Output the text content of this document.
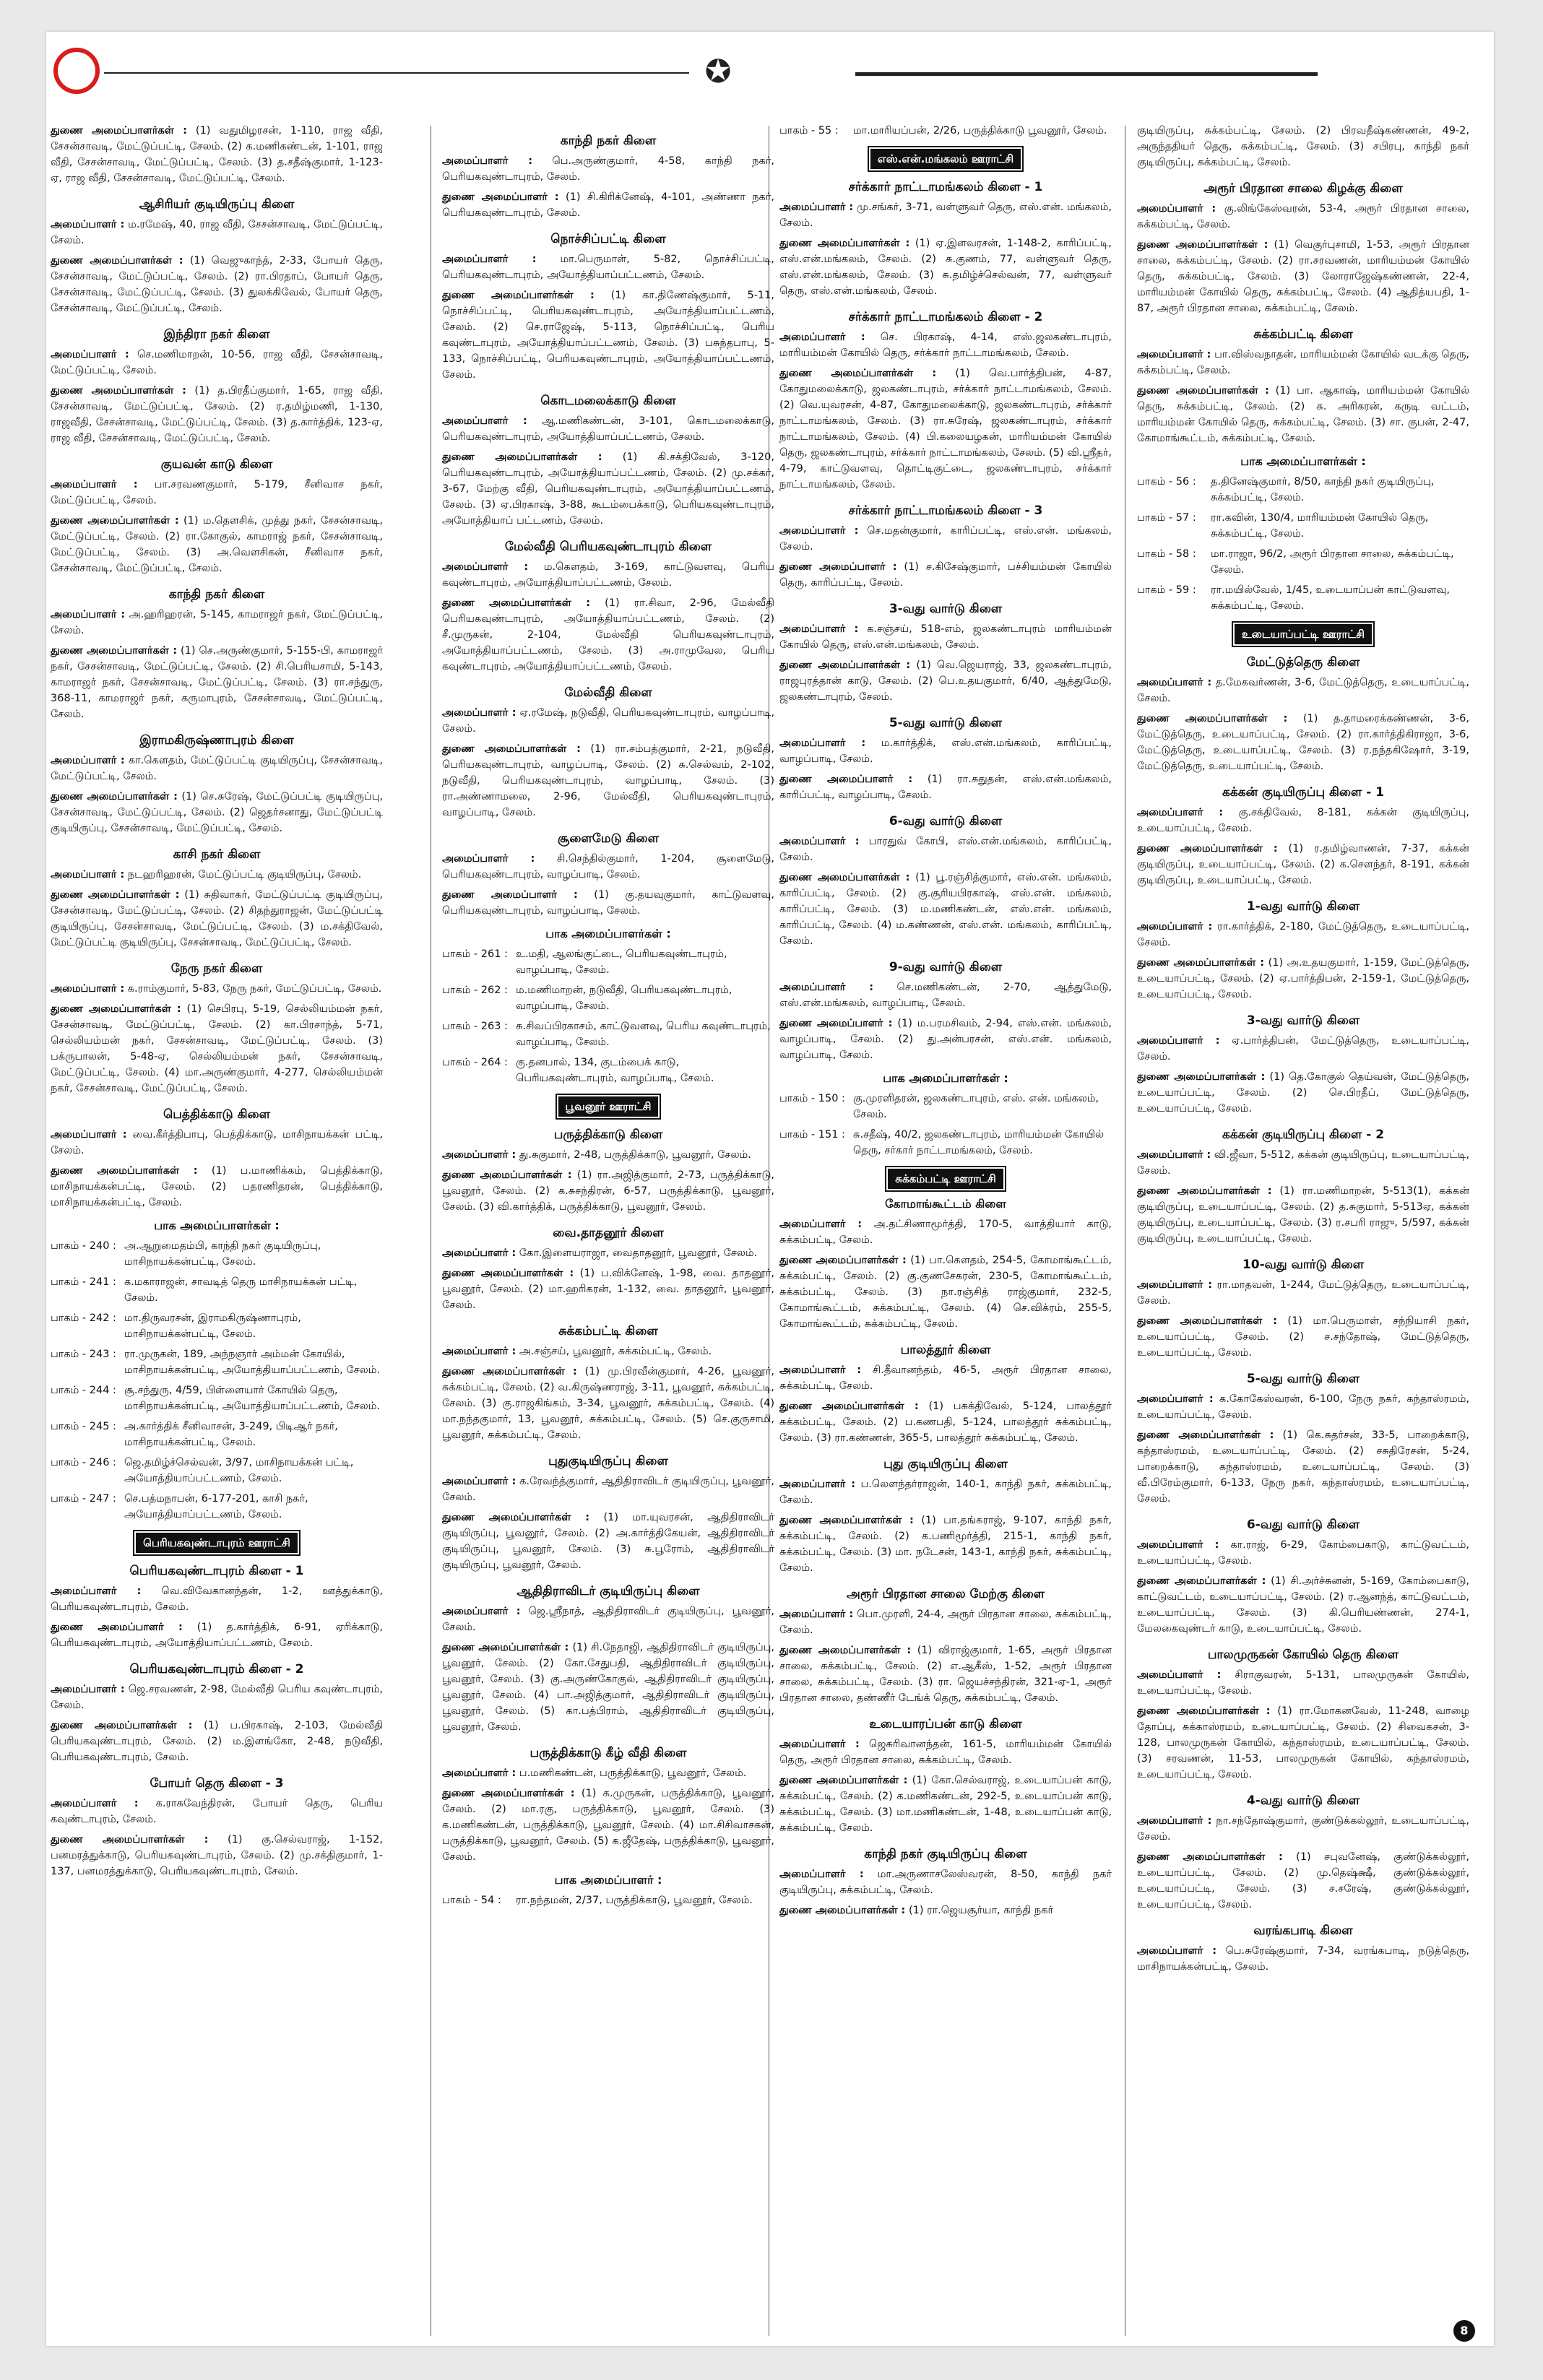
✪

துணை அமைப்பாளர்கள் : (1) வதுமிழரசன், 1-110, ராஜ வீதி, சேசன்சாவடி, மேட்டுப்பட்டி, சேலம். (2) க.மணிகண்டன், 1-101, ராஜ வீதி, சேசன்சாவடி, மேட்டுப்பட்டி, சேலம். (3) த.சதீஷ்குமார், 1-123-ஏ, ராஜ வீதி, சேசன்சாவடி, மேட்டுப்பட்டி, சேலம்.

ஆசிரியர் குடியிருப்பு கிளை

அமைப்பாளர் : ம.ரமேஷ், 40, ராஜ வீதி, சேசன்சாவடி, மேட்டுப்பட்டி, சேலம்.

துணை அமைப்பாளர்கள் : (1) வெஜுகாந்த், 2-33, போயர் தெரு, சேசன்சாவடி, மேட்டுப்பட்டி, சேலம். (2) ரா.பிரதாப், போயர் தெரு, சேசன்சாவடி, மேட்டுப்பட்டி, சேலம். (3) துலக்கிவேல், போயர் தெரு, சேசன்சாவடி, மேட்டுப்பட்டி, சேலம்.

இந்திரா நகர் கிளை

அமைப்பாளர் : செ.மணிமாறன், 10-56, ராஜ வீதி, சேசன்சாவடி, மேட்டுப்பட்டி, சேலம்.

துணை அமைப்பாளர்கள் : (1) த.பிரதீப்குமார், 1-65, ராஜ வீதி, சேசன்சாவடி, மேட்டுப்பட்டி, சேலம். (2) ர.தமிழ்மணி, 1-130, ராஜவீதி, சேசன்சாவடி, மேட்டுப்பட்டி, சேலம். (3) த.கார்த்திக், 123-ஏ, ராஜ வீதி, சேசன்சாவடி, மேட்டுப்பட்டி, சேலம்.

குயவன் காடு கிளை

அமைப்பாளர் : பா.சரவணகுமார், 5-179, சீனிவாச நகர், மேட்டுப்பட்டி, சேலம்.

துணை அமைப்பாளர்கள் : (1) ம.தெளசிக், முத்து நகர், சேசன்சாவடி, மேட்டுப்பட்டி, சேலம். (2) ரா.கோகுல், காமராஜ் நகர், சேசன்சாவடி, மேட்டுப்பட்டி, சேலம். (3) அ.வெளசிகன், சீனிவாச நகர், சேசன்சாவடி, மேட்டுப்பட்டி, சேலம்.

காந்தி நகர் கிளை

அமைப்பாளர் : அ.ஹரிஹரன், 5-145, காமராஜர் நகர், மேட்டுப்பட்டி, சேலம்.

துணை அமைப்பாளர்கள் : (1) செ.அருண்குமார், 5-155-பி, காமராஜர் நகர், சேசன்சாவடி, மேட்டுப்பட்டி, சேலம். (2) சி.பெரியசாமி, 5-143, காமராஜர் நகர், சேசன்சாவடி, மேட்டுப்பட்டி, சேலம். (3) ரா.சந்துரு, 368-11, காமராஜர் நகர், கருமாபுரம், சேசன்சாவடி, மேட்டுப்பட்டி, சேலம்.

இராமகிருஷ்ணாபுரம் கிளை

அமைப்பாளர் : கா.கௌதம், மேட்டுப்பட்டி குடியிருப்பு, சேசன்சாவடி, மேட்டுப்பட்டி, சேலம்.

துணை அமைப்பாளர்கள் : (1) செ.சுரேஷ், மேட்டுப்பட்டி குடியிருப்பு, சேசன்சாவடி, மேட்டுப்பட்டி, சேலம். (2) ஜெதர்சனாது, மேட்டுப்பட்டி குடியிருப்பு, சேசன்சாவடி, மேட்டுப்பட்டி, சேலம்.

காசி நகர் கிளை

அமைப்பாளர் : நடஹரிஹரன், மேட்டுப்பட்டி குடியிருப்பு, சேலம்.

துணை அமைப்பாளர்கள் : (1) சுதிவாகர், மேட்டுப்பட்டி குடியிருப்பு, சேசன்சாவடி, மேட்டுப்பட்டி, சேலம். (2) சிதந்துராஜன், மேட்டுப்பட்டி குடியிருப்பு, சேசன்சாவடி, மேட்டுப்பட்டி, சேலம். (3) ம.சக்திவேல், மேட்டுப்பட்டி குடியிருப்பு, சேசன்சாவடி, மேட்டுப்பட்டி, சேலம்.

நேரு நகர் கிளை

அமைப்பாளர் : க.ராம்குமார், 5-83, நேரு நகர், மேட்டுப்பட்டி, சேலம்.

துணை அமைப்பாளர்கள் : (1) செபிரபு, 5-19, செல்லியம்மன் நகர், சேசன்சாவடி, மேட்டுப்பட்டி, சேலம். (2) கா.பிரசாந்த், 5-71, செல்லியம்மன் நகர், சேசன்சாவடி, மேட்டுப்பட்டி, சேலம். (3) பக்ருபாலன், 5-48-ஏ, செல்லியம்மன் நகர், சேசன்சாவடி, மேட்டுப்பட்டி, சேலம். (4) மா.அருண்குமார், 4-277, செல்லியம்மன் நகர், சேசன்சாவடி, மேட்டுப்பட்டி, சேலம்.

பெத்திக்காடு கிளை

அமைப்பாளர் : வை.கீர்த்திபாபு, பெத்திக்காடு, மாசிநாயக்கன் பட்டி, சேலம்.

துணை அமைப்பாளர்கள் : (1) ப.மாணிக்கம், பெத்திக்காடு, மாசிநாயக்கன்பட்டி, சேலம். (2) பதரணிதரன், பெத்திக்காடு, மாசிநாயக்கன்பட்டி, சேலம்.

பாக அமைப்பாளர்கள் :
பாகம் - 240 : அ.ஆறுமைதம்பி, காந்தி நகர் குடியிருப்பு, மாசிநாயக்கன்பட்டி, சேலம்.
பாகம் - 241 : க.மகாராஜன், சாவடித் தெரு மாசிநாயக்கன் பட்டி, சேலம்.
பாகம் - 242 : மா.திருவரசன், இராமகிருஷ்ணாபுரம், மாசிநாயக்கன்பட்டி, சேலம்.
பாகம் - 243 : ரா.முருகன், 189, அந்நஞார் அம்மன் கோயில், மாசிநாயக்கன்பட்டி, அயோத்தியாப்பட்டணம், சேலம்.
பாகம் - 244 : சூ.சந்துரு, 4/59, பிள்ளையார் கோயில் தெரு, மாசிநாயக்கன்பட்டி, அயோத்தியாப்பட்டணம், சேலம்.
பாகம் - 245 : அ.கார்த்திக் சீனிவாசன், 3-249, பிடிஆர் நகர், மாசிநாயக்கன்பட்டி, சேலம்.
பாகம் - 246 : ஜெ.தமிழ்ச்செல்வன், 3/97, மாசிநாயக்கன் பட்டி, அயோத்தியாப்பட்டணம், சேலம்.
பாகம் - 247 : செ.பத்மநாபன், 6-177-201, காசி நகர், அயோத்தியாப்பட்டணம், சேலம்.
பெரியகவுண்டாபுரம் ஊராட்சி
பெரியகவுண்டாபுரம் கிளை - 1

அமைப்பாளர் : வெ.விவேகானந்தன், 1-2, ஊத்துக்காடு, பெரியகவுண்டாபுரம், சேலம்.

துணை அமைப்பாளர் : (1) த.கார்த்திக், 6-91, ஏரிக்காடு, பெரியகவுண்டாபுரம், அயோத்தியாப்பட்டணம், சேலம்.

பெரியகவுண்டாபுரம் கிளை - 2

அமைப்பாளர் : ஜெ.சரவணன், 2-98, மேல்வீதி பெரிய கவுண்டாபுரம், சேலம்.

துணை அமைப்பாளர்கள் : (1) ப.பிரகாஷ், 2-103, மேல்வீதி பெரியகவுண்டாபுரம், சேலம். (2) ம.இளங்கோ, 2-48, நடுவீதி, பெரியகவுண்டாபுரம், சேலம்.

போயர் தெரு கிளை - 3

அமைப்பாளர் : க.ராசுவேந்திரன், போயர் தெரு, பெரிய கவுண்டாபுரம், சேலம்.

துணை அமைப்பாளர்கள் : (1) கு.செல்வராஜ், 1-152, பனமரத்துக்காடு, பெரியகவுண்டாபுரம், சேலம். (2) மு.சக்திகுமார், 1-137, பனமரத்துக்காடு, பெரியகவுண்டாபுரம், சேலம்.

காந்தி நகர் கிளை

அமைப்பாளர் : பெ.அருண்குமார், 4-58, காந்தி நகர், பெரியகவுண்டாபுரம், சேலம்.

துணை அமைப்பாளர் : (1) சி.கிரிக்னேஷ், 4-101, அண்ணா நகர், பெரியகவுண்டாபுரம், சேலம்.

நொச்சிப்பட்டி கிளை

அமைப்பாளர் : மா.பெருமாள், 5-82, நொச்சிப்பட்டி, பெரியகவுண்டாபுரம், அயோத்தியாப்பட்டணம், சேலம்.

துணை அமைப்பாளர்கள் : (1) கா.திணேஷ்குமார், 5-11, நொச்சிப்பட்டி, பெரியகவுண்டாபுரம், அயோத்தியாப்பட்டணம், சேலம். (2) செ.ராஜேஷ், 5-113, நொச்சிப்பட்டி, பெரிய கவுண்டாபுரம், அயோத்தியாப்பட்டணம், சேலம். (3) பசுந்தபாபு, 5-133, நொச்சிப்பட்டி, பெரியகவுண்டாபுரம், அயோத்தியாப்பட்டணம், சேலம்.

கொடமலைக்காடு கிளை

அமைப்பாளர் : ஆ.மணிகண்டன், 3-101, கொடமலைக்காடு, பெரியகவுண்டாபுரம், அயோத்தியாப்பட்டணம், சேலம்.

துணை அமைப்பாளர்கள் : (1) கி.சக்திவேல், 3-120, பெரியகவுண்டாபுரம், அயோத்தியாப்பட்டணம், சேலம். (2) மு.சக்கர், 3-67, மேற்கு வீதி, பெரியகவுண்டாபுரம், அயோத்தியாப்பட்டணம், சேலம். (3) ஏ.பிரகாஷ், 3-88, கூடம்பைக்காடு, பெரியகவுண்டாபுரம், அயோத்தியாப் பட்டணம், சேலம்.

மேல்வீதி பெரியகவுண்டாபுரம் கிளை

அமைப்பாளர் : ம.கௌதம், 3-169, காட்டுவளவு, பெரிய கவுண்டாபுரம், அயோத்தியாப்பட்டணம், சேலம்.

துணை அமைப்பாளர்கள் : (1) ரா.சிவா, 2-96, மேல்வீதி பெரியகவுண்டாபுரம், அயோத்தியாப்பட்டணம், சேலம். (2) சீ.முருகன், 2-104, மேல்வீதி பெரியகவுண்டாபுரம், அயோத்தியாப்பட்டணம், சேலம். (3) அ.ராமுவேல, பெரிய கவுண்டாபுரம், அயோத்தியாப்பட்டணம், சேலம்.

மேல்வீதி கிளை

அமைப்பாளர் : ஏ.ரமேஷ், நடுவீதி, பெரியகவுண்டாபுரம், வாழப்பாடி, சேலம்.

துணை அமைப்பாளர்கள் : (1) ரா.சம்பத்குமார், 2-21, நடுவீதி, பெரியகவுண்டாபுரம், வாழப்பாடி, சேலம். (2) சு.செல்வம், 2-102, நடுவீதி, பெரியகவுண்டாபுரம், வாழப்பாடி, சேலம். (3) ரா.அண்ணாமலை, 2-96, மேல்வீதி, பெரியகவுண்டாபுரம், வாழப்பாடி, சேலம்.

சூளைமேடு கிளை

அமைப்பாளர் : சி.செந்தில்குமார், 1-204, சூளைமேடு, பெரியகவுண்டாபுரம், வாழப்பாடி, சேலம்.

துணை அமைப்பாளர் : (1) கு.தயவுகுமார், காட்டுவளவு, பெரியகவுண்டாபுரம், வாழப்பாடி, சேலம்.

பாக அமைப்பாளர்கள் :
பாகம் - 261 : உ.மதி, ஆலங்குட்டை, பெரியகவுண்டாபுரம், வாழப்பாடி, சேலம்.
பாகம் - 262 : ம.மணிமாறன், நடுவீதி, பெரியகவுண்டாபுரம், வாழப்பாடி, சேலம்.
பாகம் - 263 : சு.சிவப்பிரகாசம், காட்டுவளவு, பெரிய கவுண்டாபுரம், வாழப்பாடி, சேலம்.
பாகம் - 264 : கு.தனபால், 134, குடம்பைக் காடு, பெரியகவுண்டாபுரம், வாழப்பாடி, சேலம்.
பூவனூர் ஊராட்சி
பருத்திக்காடு கிளை

அமைப்பாளர் : து.சுகுமார், 2-48, பருத்திக்காடு, பூவனூர், சேலம்.

துணை அமைப்பாளர்கள் : (1) ரா.அஜித்குமார், 2-73, பருத்திக்காடு, பூவனூர், சேலம். (2) க.சுசந்திரன், 6-57, பருத்திக்காடு, பூவனூர், சேலம். (3) வி.கார்த்திக், பருத்திக்காடு, பூவனூர், சேலம்.

வை.தாதனூர் கிளை

அமைப்பாளர் : கோ.இளையராஜா, வைதாதனூர், பூவனூர், சேலம்.

துணை அமைப்பாளர்கள் : (1) ப.விக்னேஷ், 1-98, வை. தாதனூர், பூவனூர், சேலம். (2) மா.ஹரிகரன், 1-132, வை. தாதனூர், பூவனூர், சேலம்.

சுக்கம்பட்டி கிளை

அமைப்பாளர் : அ.சஞ்சய், பூவனூர், சுக்கம்பட்டி, சேலம்.

துணை அமைப்பாளர்கள் : (1) மு.பிரவீன்குமார், 4-26, பூவனூர், சுக்கம்பட்டி, சேலம். (2) வ.கிருஷ்ணராஜ், 3-11, பூவனூர், சுக்கம்பட்டி, சேலம். (3) கு.ராஜகிங்கம், 3-34, பூவனூர், சுக்கம்பட்டி, சேலம். (4) மா.நந்தகுமார், 13, பூவனூர், சுக்கம்பட்டி, சேலம். (5) செ.குருசாமி, பூவனூர், சுக்கம்பட்டி, சேலம்.

புதுகுடியிருப்பு கிளை

அமைப்பாளர் : க.ரேவந்த்குமார், ஆதிதிராவிடர் குடியிருப்பு, பூவனூர், சேலம்.

துணை அமைப்பாளர்கள் : (1) மா.யுவரசன், ஆதிதிராவிடர் குடியிருப்பு, பூவனூர், சேலம். (2) அ.கார்த்திகேயன், ஆதிதிராவிடர் குடியிருப்பு, பூவனூர், சேலம். (3) சு.பூரோம், ஆதிதிராவிடர் குடியிருப்பு, பூவனூர், சேலம்.

ஆதிதிராவிடர் குடியிருப்பு கிளை

அமைப்பாளர் : ஜெ.ஸ்ரீநாத், ஆதிதிராவிடர் குடியிருப்பு, பூவனூர், சேலம்.

துணை அமைப்பாளர்கள் : (1) சி.நேதாஜி, ஆதிதிராவிடர் குடியிருப்பு, பூவனூர், சேலம். (2) கோ.சேதுபதி, ஆதிதிராவிடர் குடியிருப்பு, பூவனூர், சேலம். (3) கு.அருண்கோகுல், ஆதிதிராவிடர் குடியிருப்பு, பூவனூர், சேலம். (4) பா.அஜித்குமார், ஆதிதிராவிடர் குடியிருப்பு, பூவனூர், சேலம். (5) கா.பத்பிராம், ஆதிதிராவிடர் குடியிருப்பு, பூவனூர், சேலம்.

பருத்திக்காடு கீழ் வீதி கிளை

அமைப்பாளர் : ப.மணிகண்டன், பருத்திக்காடு, பூவனூர், சேலம்.

துணை அமைப்பாளர்கள் : (1) க.முருகன், பருத்திக்காடு, பூவனூர், சேலம். (2) மா.ரகு, பருத்திக்காடு, பூவனூர், சேலம். (3) க.மணிகண்டன், பருத்திக்காடு, பூவனூர், சேலம். (4) மா.சிசிவாசகன், பருத்திக்காடு, பூவனூர், சேலம். (5) க.ஜீதேஷ், பருத்திக்காடு, பூவனூர், சேலம்.

பாக அமைப்பாளர் :
பாகம் - 54 :	ரா.நந்தமன், 2/37, பருத்திக்காடு, பூவனூர், சேலம்.
பாகம் - 55 :	மா.மாரியப்பன், 2/26, பருத்திக்காடு பூவனூர், சேலம்.
எஸ்.என்.மங்கலம் ஊராட்சி
சர்க்கார் நாட்டாமங்கலம் கிளை - 1

அமைப்பாளர் : மு.சங்கர், 3-71, வள்ளுவர் தெரு, எஸ்.என். மங்கலம், சேலம்.

துணை அமைப்பாளர்கள் : (1) ஏ.இளவரசன், 1-148-2, காரிப்பட்டி, எஸ்.என்.மங்கலம், சேலம். (2) சு.குணம், 77, வள்ளுவர் தெரு, எஸ்.என்.மங்கலம், சேலம். (3) சு.தமிழ்ச்செல்வன், 77, வள்ளுவர் தெரு, எஸ்.என்.மங்கலம், சேலம்.

சர்க்கார் நாட்டாமங்கலம் கிளை - 2

அமைப்பாளர் : செ. பிரகாஷ், 4-14, எஸ்.ஜலகண்டாபுரம், மாரியம்மன் கோயில் தெரு, சர்க்கார் நாட்டாமங்கலம், சேலம்.

துணை அமைப்பாளர்கள் : (1) வெ.பார்த்திபன், 4-87, கோதுமலைக்காடு, ஜலகண்டாபுரம், சர்க்கார் நாட்டாமங்கலம், சேலம். (2) வெ.யுவரசன், 4-87, கோதுமலைக்காடு, ஜலகண்டாபுரம், சர்க்கார் நாட்டாமங்கலம், சேலம். (3) ரா.சுரேஷ், ஜலகண்டாபுரம், சர்க்கார் நாட்டாமங்கலம், சேலம். (4) பி.கலையழகன், மாரியம்மன் கோயில் தெரு, ஜலகண்டாபுரம், சர்க்கார் நாட்டாமங்கலம், சேலம். (5) வி.ஸ்ரீதர், 4-79, காட்டுவளவு, தொட்டிகுட்டை, ஜலகண்டாபுரம், சர்க்கார் நாட்டாமங்கலம், சேலம்.

சர்க்கார் நாட்டாமங்கலம் கிளை - 3

அமைப்பாளர் : செ.மதன்குமார், காரிப்பட்டி, எஸ்.என். மங்கலம், சேலம்.

துணை அமைப்பாளர் : (1) ச.கிசேஷ்குமார், பச்சியம்மன் கோயில் தெரு, காரிப்பட்டி, சேலம்.

3-வது வார்டு கிளை

அமைப்பாளர் : க.சஞ்சய், 518-எம், ஜலகண்டாபுரம் மாரியம்மன் கோயில் தெரு, எஸ்.என்.மங்கலம், சேலம்.

துணை அமைப்பாளர்கள் : (1) வெ.ஜெயராஜ், 33, ஜலகண்டாபுரம், ராஜபுரத்தான் காடு, சேலம். (2) பெ.உதயகுமார், 6/40, ஆத்துமேடு, ஜலகண்டாபுரம், சேலம்.

5-வது வார்டு கிளை

அமைப்பாளர் : ம.கார்த்திக், எஸ்.என்.மங்கலம், காரிப்பட்டி, வாழப்பாடி, சேலம்.

துணை அமைப்பாளர் : (1) ரா.சுதுதன், எஸ்.என்.மங்கலம், காரிப்பட்டி, வாழப்பாடி, சேலம்.

6-வது வார்டு கிளை

அமைப்பாளர் : பாரதுவ் கோபி, எஸ்.என்.மங்கலம், காரிப்பட்டி, சேலம்.

துணை அமைப்பாளர்கள் : (1) பூ.ரஞ்சித்குமார், எஸ்.என். மங்கலம், காரிப்பட்டி, சேலம். (2) கு.சூரியபிரகாஷ், எஸ்.என். மங்கலம், காரிப்பட்டி, சேலம். (3) ம.மணிகண்டன், எஸ்.என். மங்கலம், காரிப்பட்டி, சேலம். (4) ம.கண்ணன், எஸ்.என். மங்கலம், காரிப்பட்டி, சேலம்.

9-வது வார்டு கிளை

அமைப்பாளர் : செ.மணிகண்டன், 2-70, ஆத்துமேடு, எஸ்.என்.மங்கலம், வாழப்பாடி, சேலம்.

துணை அமைப்பாளர் : (1) ம.பரமசிவம், 2-94, எஸ்.என். மங்கலம், வாழப்பாடி, சேலம். (2) து.அன்பரசன், எஸ்.என். மங்கலம், வாழப்பாடி, சேலம்.

பாக அமைப்பாளர்கள் :
பாகம் - 150 : கு.முரளிதரன், ஜலகண்டாபுரம், எஸ். என். மங்கலம், சேலம்.
பாகம் - 151 : சு.சதீஷ், 40/2, ஜலகண்டாபுரம், மாரியம்மன் கோயில் தெரு, சர்கார் நாட்டாமங்கலம், சேலம்.
சுக்கம்பட்டி ஊராட்சி
கோமாங்கூட்டம் கிளை

அமைப்பாளர் : அ.தட்சிணாமூர்த்தி, 170-5, வாத்தியார் காடு, சுக்கம்பட்டி, சேலம்.

துணை அமைப்பாளர்கள் : (1) பா.கௌதம், 254-5, கோமாங்கூட்டம், சுக்கம்பட்டி, சேலம். (2) கு.குணசேகரன், 230-5, கோமாங்கூட்டம், சுக்கம்பட்டி, சேலம். (3) நா.ரஞ்சித் ராஜ்குமார், 232-5, கோமாங்கூட்டம், சுக்கம்பட்டி, சேலம். (4) செ.விக்ரம், 255-5, கோமாங்கூட்டம், சுக்கம்பட்டி, சேலம்.

பாலத்தூர் கிளை

அமைப்பாளர் : சி.தீவானந்தம், 46-5, அரூர் பிரதான சாலை, சுக்கம்பட்டி, சேலம்.

துணை அமைப்பாளர்கள் : (1) பசுக்திவேல், 5-124, பாலத்தூர் சுக்கம்பட்டி, சேலம். (2) ப.கணபதி, 5-124, பாலத்தூர் சுக்கம்பட்டி, சேலம். (3) ரா.கண்ணன், 365-5, பாலத்தூர் சுக்கம்பட்டி, சேலம்.

புது குடியிருப்பு கிளை

அமைப்பாளர் : ப.லௌந்தர்ராஜன், 140-1, காந்தி நகர், சுக்கம்பட்டி, சேலம்.

துணை அமைப்பாளர்கள் : (1) பா.தங்கராஜ், 9-107, காந்தி நகர், சுக்கம்பட்டி, சேலம். (2) க.பணிமூர்த்தி, 215-1, காந்தி நகர், சுக்கம்பட்டி, சேலம். (3) மா. நடேசன், 143-1, காந்தி நகர், சுக்கம்பட்டி, சேலம்.

அரூர் பிரதான சாலை மேற்கு கிளை

அமைப்பாளர் : பொ.முரளி, 24-4, அரூர் பிரதான சாலை, சுக்கம்பட்டி, சேலம்.

துணை அமைப்பாளர்கள் : (1) விராஜ்குமார், 1-65, அரூர் பிரதான சாலை, சுக்கம்பட்டி, சேலம். (2) எ.ஆகீஸ், 1-52, அரூர் பிரதான சாலை, சுக்கம்பட்டி, சேலம். (3) ரா. ஜெயச்சந்திரன், 321-ஏ-1, அரூர் பிரதான சாலை, தண்ணீர் டேங்க் தெரு, சுக்கம்பட்டி, சேலம்.

உடையாரப்பன் காடு கிளை

அமைப்பாளர் : ஜெசுரிவானந்தன், 161-5, மாரியம்மன் கோயில் தெரு, அரூர் பிரதான சாலை, சுக்கம்பட்டி, சேலம்.

துணை அமைப்பாளர்கள் : (1) கோ.செல்வராஜ், உடையாப்பன் காடு, சுக்கம்பட்டி, சேலம். (2) க.மணிகண்டன், 292-5, உடையாப்பன் காடு, சுக்கம்பட்டி, சேலம். (3) மா.மணிகண்டன், 1-48, உடையாப்பன் காடு, சுக்கம்பட்டி, சேலம்.

காந்தி நகர் குடியிருப்பு கிளை

அமைப்பாளர் : மா.அருணாசலேஸ்வரன், 8-50, காந்தி நகர் குடியிருப்பு, சுக்கம்பட்டி, சேலம்.

துணை அமைப்பாளர்கள் : (1) ரா.ஜெயசூர்யா, காந்தி நகர்

குடியிருப்பு, சுக்கம்பட்டி, சேலம். (2) பிரவதீஷ்கண்ணன், 49-2, அருந்ததியர் தெரு, சுக்கம்பட்டி, சேலம். (3) சபிரபு, காந்தி நகர் குடியிருப்பு, சுக்கம்பட்டி, சேலம்.

அரூர் பிரதான சாலை கிழக்கு கிளை

அமைப்பாளர் : கு.லிங்கேஸ்வரன், 53-4, அரூர் பிரதான சாலை, சுக்கம்பட்டி, சேலம்.

துணை அமைப்பாளர்கள் : (1) வெகுர்புசாமி, 1-53, அரூர் பிரதான சாலை, சுக்கம்பட்டி, சேலம். (2) ரா.சரவணன், மாரியம்மன் கோயில் தெரு, சுக்கம்பட்டி, சேலம். (3) லோராஜேஷ்கண்ணன், 22-4, மாரியம்மன் கோயில் தெரு, சுக்கம்பட்டி, சேலம். (4) ஆதித்யபதி, 1-87, அரூர் பிரதான சாலை, சுக்கம்பட்டி, சேலம்.

சுக்கம்பட்டி கிளை

அமைப்பாளர் : பா.விஸ்வநாதன், மாரியம்மன் கோயில் வடக்கு தெரு, சுக்கம்பட்டி, சேலம்.

துணை அமைப்பாளர்கள் : (1) பா. ஆகாஷ், மாரியம்மன் கோயில் தெரு, சுக்கம்பட்டி, சேலம். (2) சு. அரிகரன், கருடி வட்டம், மாரியம்மன் கோயில் தெரு, சுக்கம்பட்டி, சேலம். (3) சா. குபன், 2-47, கோமாங்கூட்டம், சுக்கம்பட்டி, சேலம்.

பாக அமைப்பாளர்கள் :
பாகம் - 56 :	த.தினேஷ்குமார், 8/50, காந்தி நகர் குடியிருப்பு, சுக்கம்பட்டி, சேலம்.
பாகம் - 57 :	ரா.கவின், 130/4, மாரியம்மன் கோயில் தெரு, சுக்கம்பட்டி, சேலம்.
பாகம் - 58 :	மா.ராஜா, 96/2, அரூர் பிரதான சாலை, சுக்கம்பட்டி, சேலம்.
பாகம் - 59 :	ரா.மயில்வேல், 1/45, உடையாப்பன் காட்டுவளவு, சுக்கம்பட்டி, சேலம்.
உடையாப்பட்டி ஊராட்சி
மேட்டுத்தெரு கிளை

அமைப்பாளர் : த.மேகவர்ணன், 3-6, மேட்டுத்தெரு, உடையாப்பட்டி, சேலம்.

துணை அமைப்பாளர்கள் : (1) த.தாமரைக்கண்ணன், 3-6, மேட்டுத்தெரு, உடையாப்பட்டி, சேலம். (2) ரா.கார்த்திகிராஜா, 3-6, மேட்டுத்தெரு, உடையாப்பட்டி, சேலம். (3) ர.நந்தகிஷோர், 3-19, மேட்டுத்தெரு, உடையாப்பட்டி, சேலம்.

கக்கன் குடியிருப்பு கிளை - 1

அமைப்பாளர் : கு.சக்திவேல், 8-181, கக்கன் குடியிருப்பு, உடையாப்பட்டி, சேலம்.

துணை அமைப்பாளர்கள் : (1) ர.தமிழ்வாணன், 7-37, கக்கன் குடியிருப்பு, உடையாப்பட்டி, சேலம். (2) க.செளந்தர், 8-191, கக்கன் குடியிருப்பு, உடையாப்பட்டி, சேலம்.

1-வது வார்டு கிளை

அமைப்பாளர் : ரா.கார்த்திக், 2-180, மேட்டுத்தெரு, உடையாப்பட்டி, சேலம்.

துணை அமைப்பாளர்கள் : (1) அ.உதயகுமார், 1-159, மேட்டுத்தெரு, உடையாப்பட்டி, சேலம். (2) ஏ.பார்த்திபன், 2-159-1, மேட்டுத்தெரு, உடையாப்பட்டி, சேலம்.

3-வது வார்டு கிளை

அமைப்பாளர் : ஏ.பார்த்திபன், மேட்டுத்தெரு, உடையாப்பட்டி, சேலம்.

துணை அமைப்பாளர்கள் : (1) தெ.கோகுல் தெய்வன், மேட்டுத்தெரு, உடையாப்பட்டி, சேலம். (2) செ.பிரதீப், மேட்டுத்தெரு, உடையாப்பட்டி, சேலம்.

கக்கன் குடியிருப்பு கிளை - 2

அமைப்பாளர் : வி.ஜீவா, 5-512, கக்கன் குடியிருப்பு, உடையாப்பட்டி, சேலம்.

துணை அமைப்பாளர்கள் : (1) ரா.மணிமாறன், 5-513(1), கக்கன் குடியிருப்பு, உடையாப்பட்டி, சேலம். (2) த.சுகுமார், 5-513ஏ, கக்கன் குடியிருப்பு, உடையாப்பட்டி, சேலம். (3) ர.சபரி ராஜு, 5/597, கக்கன் குடியிருப்பு, உடையாப்பட்டி, சேலம்.

10-வது வார்டு கிளை

அமைப்பாளர் : ரா.மாதவன், 1-244, மேட்டுத்தெரு, உடையாப்பட்டி, சேலம்.

துணை அமைப்பாளர்கள் : (1) மா.பெருமாள், சந்நியாசி நகர், உடையாப்பட்டி, சேலம். (2) ச.சந்தோஷ், மேட்டுத்தெரு, உடையாப்பட்டி, சேலம்.

5-வது வார்டு கிளை

அமைப்பாளர் : க.கோகேஸ்வரன், 6-100, நேரு நகர், கந்தாஸ்ரமம், உடையாப்பட்டி, சேலம்.

துணை அமைப்பாளர்கள் : (1) கெ.சுதர்சன், 33-5, பாறைக்காடு, கந்தாஸ்ரமம், உடையாப்பட்டி, சேலம். (2) சசுதிரேசன், 5-24, பாறைக்காடு, கந்தாஸ்ரமம், உடையாப்பட்டி, சேலம். (3) வீ.பிரேம்குமார், 6-133, நேரு நகர், கந்தாஸ்ரமம், உடையாப்பட்டி, சேலம்.

6-வது வார்டு கிளை

அமைப்பாளர் : கா.ராஜ், 6-29, கோம்பைகாடு, காட்டுவட்டம், உடையாப்பட்டி, சேலம்.

துணை அமைப்பாளர்கள் : (1) சி.அர்ச்சுனன், 5-169, கோம்பைகாடு, காட்டுவட்டம், உடையாப்பட்டி, சேலம். (2) ர.ஆனந்த், காட்டுவட்டம், உடையாப்பட்டி, சேலம். (3) கி.பெரியண்ணன், 274-1, மேலகைவுண்டர் காடு, உடையாப்பட்டி, சேலம்.

பாலமுருகன் கோயில் தெரு கிளை

அமைப்பாளர் : சிராகுவரன், 5-131, பாலமுருகன் கோயில், உடையாப்பட்டி, சேலம்.

துணை அமைப்பாளர்கள் : (1) ரா.மோகனவேல், 11-248, வாழை தோப்பு, சுக்காஸ்ரமம், உடையாப்பட்டி, சேலம். (2) சிவைகசன், 3-128, பாலமுருகன் கோயில், கந்தாஸ்ரமம், உடையாப்பட்டி, சேலம். (3) சரவணன், 11-53, பாலமுருகன் கோயில், கந்தாஸ்ரமம், உடையாப்பட்டி, சேலம்.

4-வது வார்டு கிளை

அமைப்பாளர் : நா.சந்தோஷ்குமார், குண்டுக்கல்லூர், உடையாப்பட்டி, சேலம்.

துணை அமைப்பாளர்கள் : (1) சபுவனேஷ், குண்டுக்கல்லூர், உடையாப்பட்டி, சேலம். (2) மு.தெஷ்க்ஷீ, குண்டுக்கல்லூர், உடையாப்பட்டி, சேலம். (3) ச.சரேஷ், குண்டுக்கல்லூர், உடையாப்பட்டி, சேலம்.

வரங்கபாடி கிளை

அமைப்பாளர் : பெ.சுரேஷ்குமார், 7-34, வரங்கபாடி, நடுத்தெரு, மாசிநாயக்கன்பட்டி, சேலம்.

8
